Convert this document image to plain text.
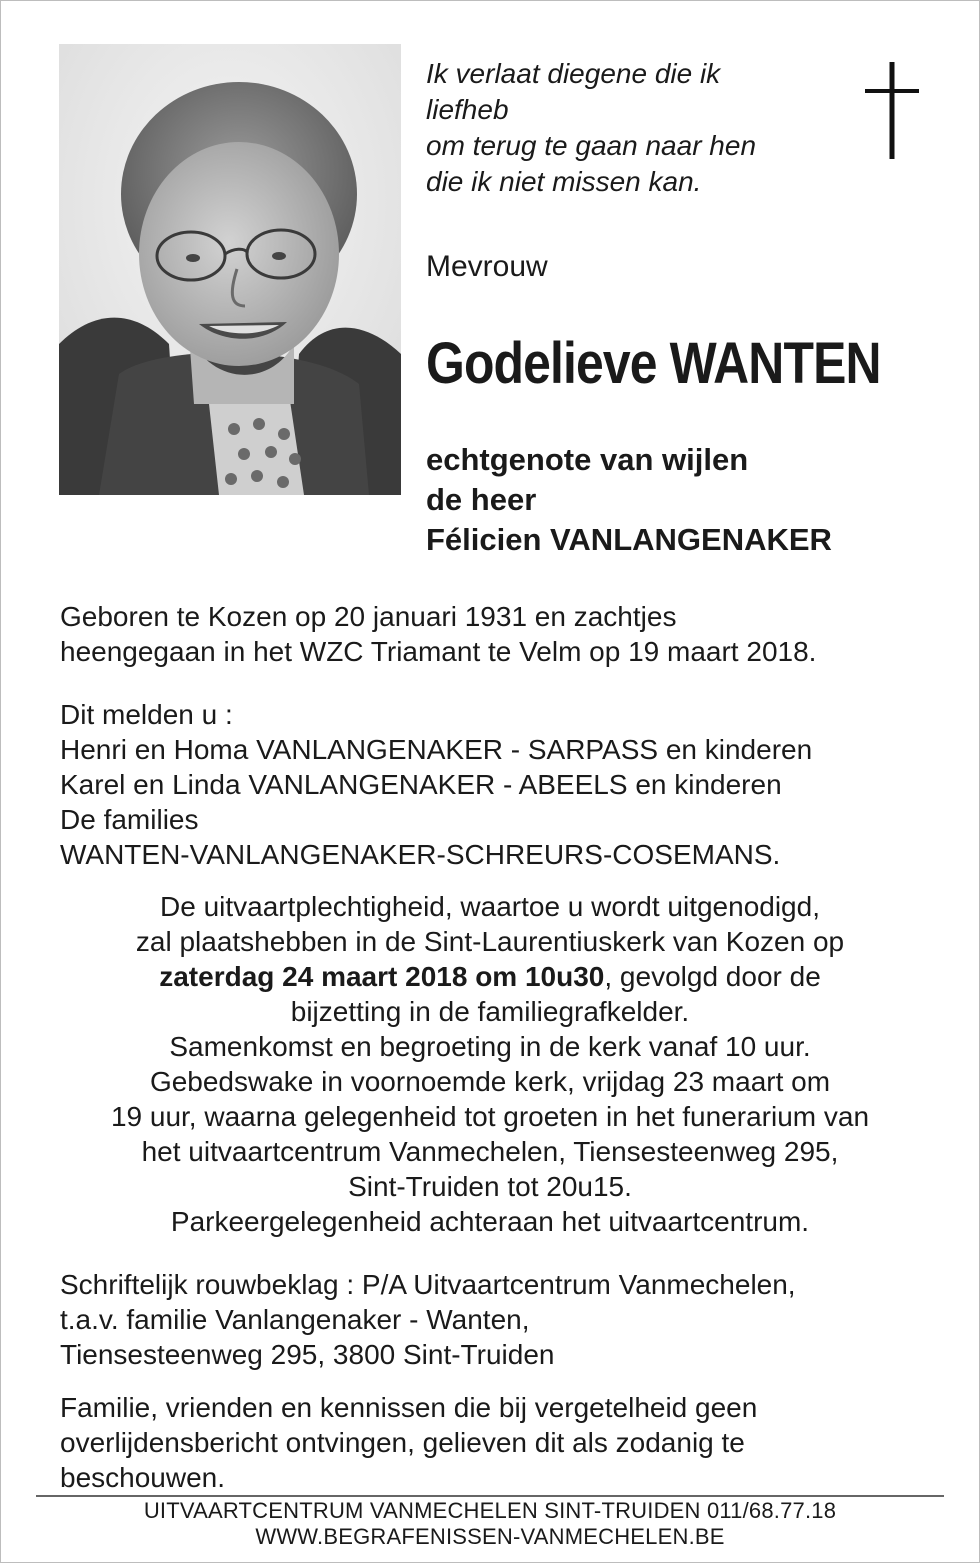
Ik verlaat diegene die ik
liefheb
om terug te gaan naar hen
die ik niet missen kan.
Mevrouw
Godelieve WANTEN
echtgenote van wijlen
de heer
Félicien VANLANGENAKER
Geboren te Kozen op 20 januari 1931 en zachtjes
heengegaan in het WZC Triamant te Velm op 19 maart 2018.
Dit melden u :
Henri en Homa VANLANGENAKER - SARPASS en kinderen
Karel en Linda VANLANGENAKER - ABEELS en kinderen
De families
WANTEN-VANLANGENAKER-SCHREURS-COSEMANS.
De uitvaartplechtigheid, waartoe u wordt uitgenodigd,
zal plaatshebben in de Sint-Laurentiuskerk van Kozen op
zaterdag 24 maart 2018 om 10u30, gevolgd door de
bijzetting in de familiegrafkelder.
Samenkomst en begroeting in de kerk vanaf 10 uur.
Gebedswake in voornoemde kerk, vrijdag 23 maart om
19 uur, waarna gelegenheid tot groeten in het funerarium van
het uitvaartcentrum Vanmechelen, Tiensesteenweg 295,
Sint-Truiden tot 20u15.
Parkeergelegenheid achteraan het uitvaartcentrum.
Schriftelijk rouwbeklag : P/A Uitvaartcentrum Vanmechelen,
t.a.v. familie Vanlangenaker - Wanten,
Tiensesteenweg 295, 3800 Sint-Truiden
Familie, vrienden en kennissen die bij vergetelheid geen
overlijdensbericht ontvingen, gelieven dit als zodanig te
beschouwen.
UITVAARTCENTRUM VANMECHELEN SINT-TRUIDEN 011/68.77.18
WWW.BEGRAFENISSEN-VANMECHELEN.BE
